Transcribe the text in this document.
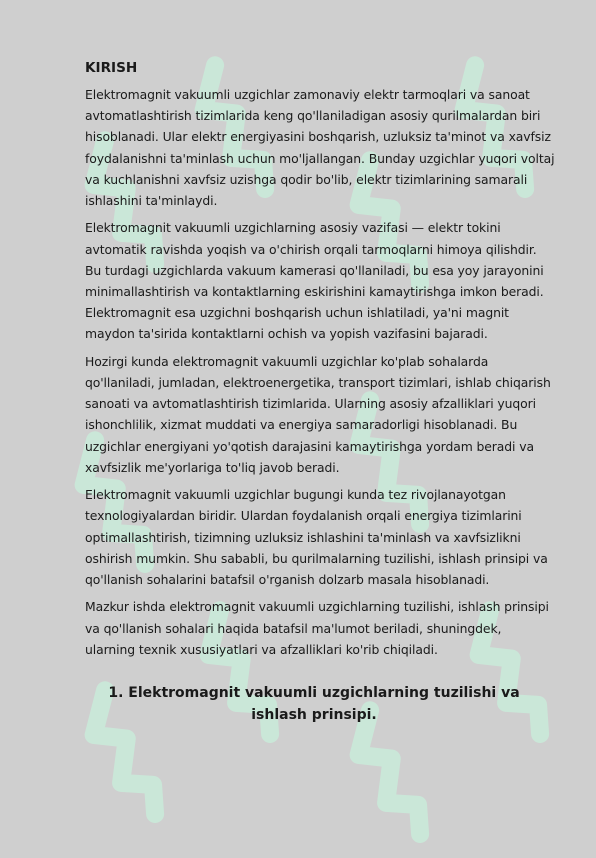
KIRISH

Elektromagnit vakuumli uzgichlar zamonaviy elektr tarmoqlari va sanoat avtomatlashtirish tizimlarida keng qo'llaniladigan asosiy qurilmalardan biri hisoblanadi. Ular elektr energiyasini boshqarish, uzluksiz ta'minot va xavfsiz foydalanishni ta'minlash uchun mo'ljallangan. Bunday uzgichlar yuqori voltaj va kuchlanishni xavfsiz uzishga qodir bo'lib, elektr tizimlarining samarali ishlashini ta'minlaydi.

Elektromagnit vakuumli uzgichlarning asosiy vazifasi — elektr tokini avtomatik ravishda yoqish va o'chirish orqali tarmoqlarni himoya qilishdir. Bu turdagi uzgichlarda vakuum kamerasi qo'llaniladi, bu esa yoy jarayonini minimallashtirish va kontaktlarning eskirishini kamaytirishga imkon beradi. Elektromagnit esa uzgichni boshqarish uchun ishlatiladi, ya'ni magnit maydon ta'sirida kontaktlarni ochish va yopish vazifasini bajaradi.

Hozirgi kunda elektromagnit vakuumli uzgichlar ko'plab sohalarda qo'llaniladi, jumladan, elektroenergetika, transport tizimlari, ishlab chiqarish sanoati va avtomatlashtirish tizimlarida. Ularning asosiy afzalliklari yuqori ishonchlilik, xizmat muddati va energiya samaradorligi hisoblanadi. Bu uzgichlar energiyani yo'qotish darajasini kamaytirishga yordam beradi va xavfsizlik me'yorlariga to'liq javob beradi.

Elektromagnit vakuumli uzgichlar bugungi kunda tez rivojlanayotgan texnologiyalardan biridir. Ulardan foydalanish orqali energiya tizimlarini optimallashtirish, tizimning uzluksiz ishlashini ta'minlash va xavfsizlikni oshirish mumkin. Shu sababli, bu qurilmalarning tuzilishi, ishlash prinsipi va qo'llanish sohalarini batafsil o'rganish dolzarb masala hisoblanadi.

Mazkur ishda elektromagnit vakuumli uzgichlarning tuzilishi, ishlash prinsipi va qo'llanish sohalari haqida batafsil ma'lumot beriladi, shuningdek, ularning texnik xususiyatlari va afzalliklari ko'rib chiqiladi.

1. Elektromagnit vakuumli uzgichlarning tuzilishi va ishlash prinsipi.
